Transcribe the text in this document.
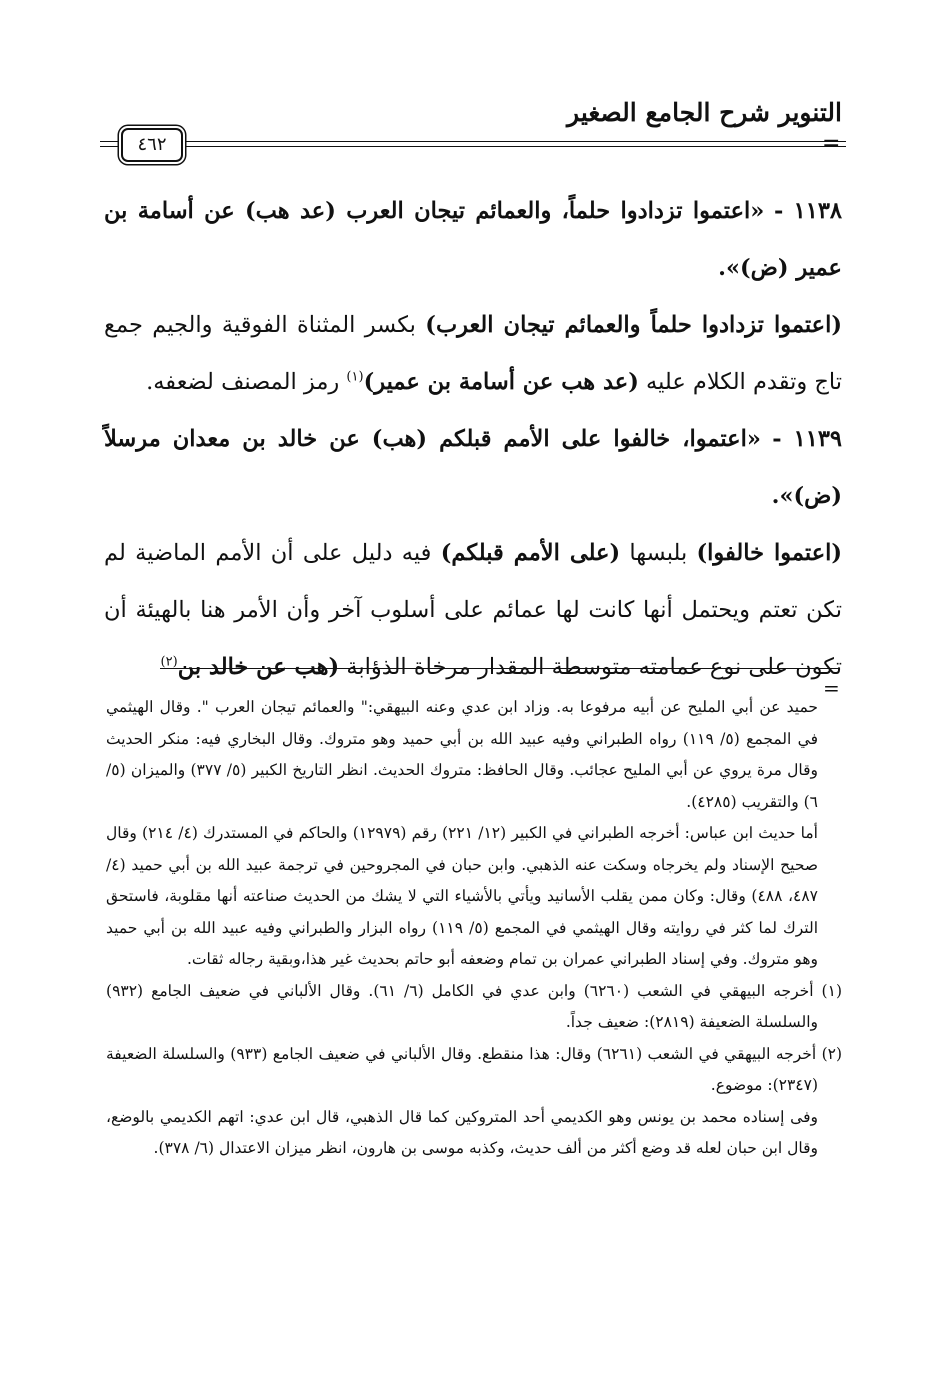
التنوير شرح الجامع الصغير
٤٦٢	=

١١٣٨ - «اعتموا تزدادوا حلماً، والعمائم تيجان العرب (عد هب) عن أسامة بن عمير (ض)».

(اعتموا تزدادوا حلماً والعمائم تيجان العرب) بكسر المثناة الفوقية والجيم جمع تاج وتقدم الكلام عليه (عد هب عن أسامة بن عمير)$^{(١)}$ رمز المصنف لضعفه.

١١٣٩ - «اعتموا، خالفوا على الأمم قبلكم (هب) عن خالد بن معدان مرسلاً (ض)».

(اعتموا خالفوا) بلبسها (على الأمم قبلكم) فيه دليل على أن الأمم الماضية لم تكن تعتم ويحتمل أنها كانت لها عمائم على أسلوب آخر وأن الأمر هنا بالهيئة أن تكون على نوع عمامته متوسطة المقدار مرخاة الذؤابة (هب عن خالد بن$^{(٢)}$

=

حميد عن أبي المليح عن أبيه مرفوعا به. وزاد ابن عدي وعنه البيهقي:" والعمائم تيجان العرب ". وقال الهيثمي في المجمع (٥/ ١١٩) رواه الطبراني وفيه عبيد الله بن أبي حميد وهو متروك. وقال البخاري فيه: منكر الحديث وقال مرة يروي عن أبي المليح عجائب. وقال الحافظ: متروك الحديث. انظر التاريخ الكبير (٥/ ٣٧٧) والميزان (٥/ ٦) والتقريب (٤٢٨٥).

أما حديث ابن عباس: أخرجه الطبراني في الكبير (١٢/ ٢٢١) رقم (١٢٩٧٩) والحاكم في المستدرك (٤/ ٢١٤) وقال صحيح الإسناد ولم يخرجاه وسكت عنه الذهبي. وابن حبان في المجروحين في ترجمة عبيد الله بن أبي حميد (٤/ ٤٨٧، ٤٨٨) وقال: وكان ممن يقلب الأسانيد ويأتي بالأشياء التي لا يشك من الحديث صناعته أنها مقلوبة، فاستحق الترك لما كثر في روايته وقال الهيثمي في المجمع (٥/ ١١٩) رواه البزار والطبراني وفيه عبيد الله بن أبي حميد وهو متروك. وفي إسناد الطبراني عمران بن تمام وضعفه أبو حاتم بحديث غير هذا،وبقية رجاله ثقات.

(١) أخرجه البيهقي في الشعب (٦٢٦٠) وابن عدي في الكامل (٦/ ٦١). وقال الألباني في ضعيف الجامع (٩٣٢) والسلسلة الضعيفة (٢٨١٩): ضعيف جداً.

(٢) أخرجه البيهقي في الشعب (٦٢٦١) وقال: هذا منقطع. وقال الألباني في ضعيف الجامع (٩٣٣) والسلسلة الضعيفة (٢٣٤٧): موضوع.

وفى إسناده محمد بن يونس وهو الكديمي أحد المتروكين كما قال الذهبي، قال ابن عدي: اتهم الكديمي بالوضع، وقال ابن حبان لعله قد وضع أكثر من ألف حديث، وكذبه موسى بن هارون، انظر ميزان الاعتدال (٦/ ٣٧٨).
